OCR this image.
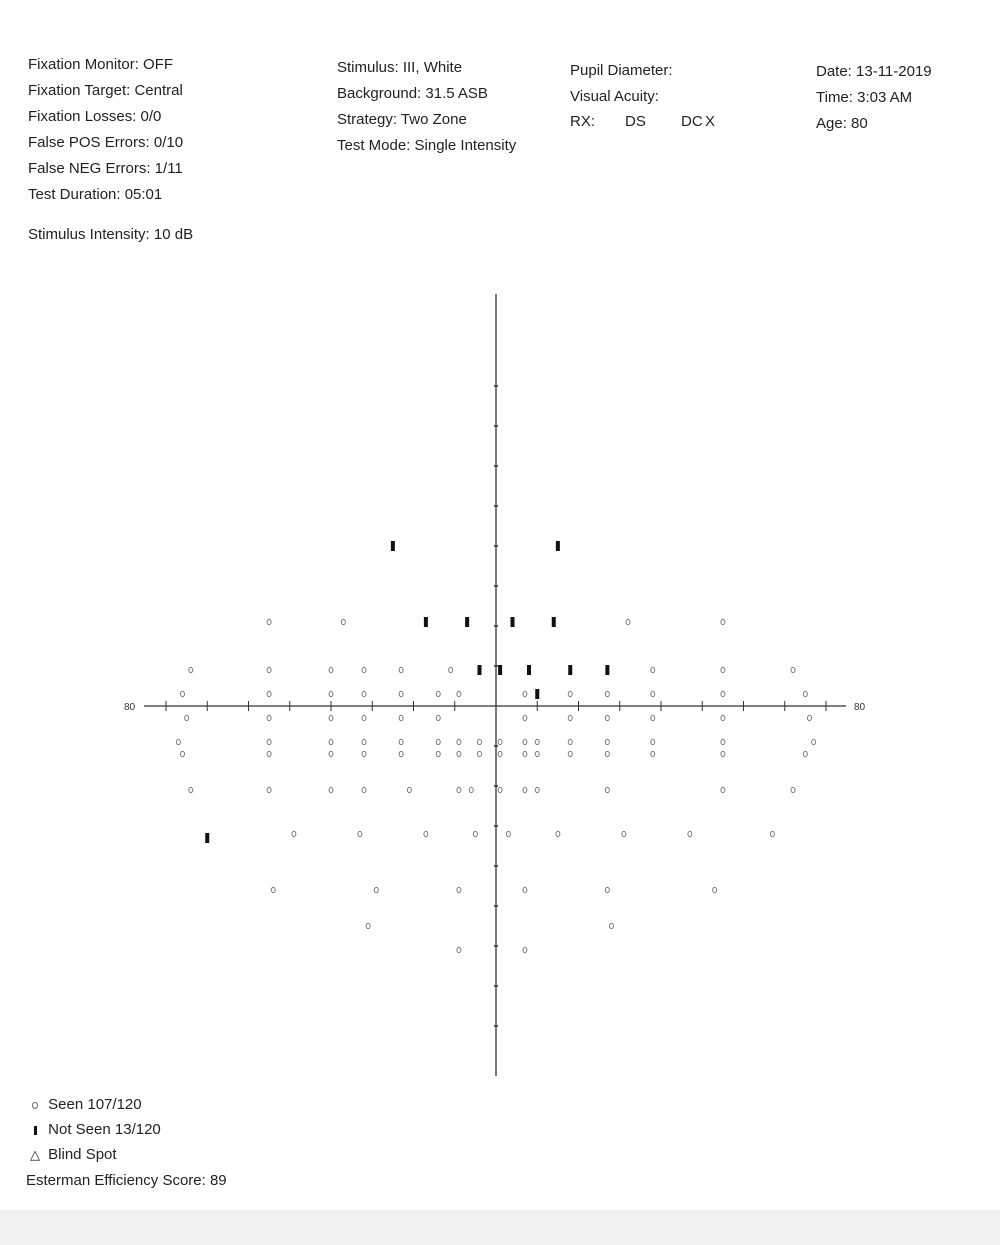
Fixation Monitor: OFF
Fixation Target: Central
Fixation Losses: 0/0
False POS Errors: 0/10
False NEG Errors: 1/11
Test Duration: 05:01
Stimulus Intensity: 10 dB
Stimulus: III, White
Background: 31.5 ASB
Strategy: Two Zone
Test Mode: Single Intensity
Pupil Diameter:
Visual Acuity:
RX: DS DC X
Date: 13-11-2019
Time: 3:03 AM
Age: 80
80	80
Seen 107/120
Not Seen 13/120
△ Blind Spot
Esterman Efficiency Score: 89
